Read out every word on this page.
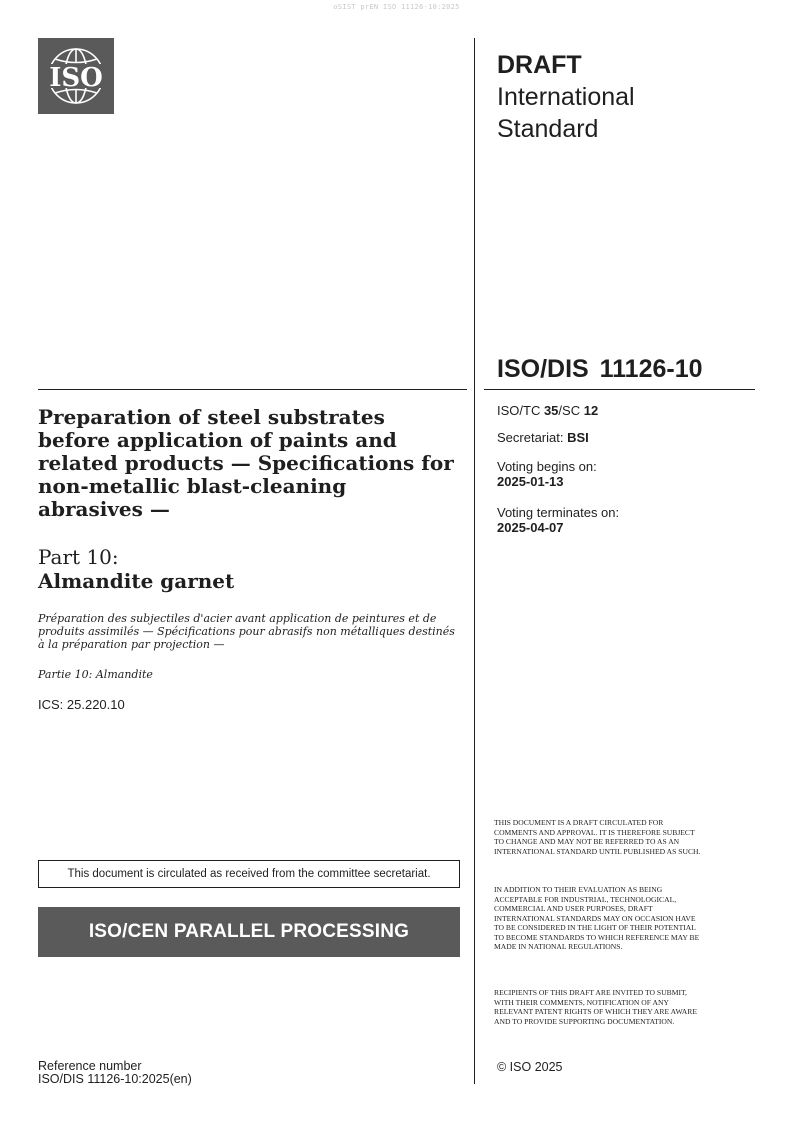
oSIST prEN ISO 11126-10:2025
ISO	DRAFT
International
Standard
ISO/DIS 11126-10
Preparation of steel substrates before application of paints and related products — Specifications for non-metallic blast-cleaning abrasives —
Part 10:
Almandite garnet
Préparation des subjectiles d'acier avant application de peintures et de produits assimilés — Spécifications pour abrasifs non métalliques destinés à la préparation par projection —
Partie 10: Almandite
ICS: 25.220.10
ISO/TC 35/SC 12
Secretariat: BSI
Voting begins on:
2025-01-13
Voting terminates on:
2025-04-07
This document is circulated as received from the committee secretariat.
ISO/CEN PARALLEL PROCESSING

THIS DOCUMENT IS A DRAFT CIRCULATED FOR COMMENTS AND APPROVAL. IT IS THEREFORE SUBJECT TO CHANGE AND MAY NOT BE REFERRED TO AS AN INTERNATIONAL STANDARD UNTIL PUBLISHED AS SUCH.

IN ADDITION TO THEIR EVALUATION AS BEING ACCEPTABLE FOR INDUSTRIAL, TECHNOLOGICAL, COMMERCIAL AND USER PURPOSES, DRAFT INTERNATIONAL STANDARDS MAY ON OCCASION HAVE TO BE CONSIDERED IN THE LIGHT OF THEIR POTENTIAL TO BECOME STANDARDS TO WHICH REFERENCE MAY BE MADE IN NATIONAL REGULATIONS.

RECIPIENTS OF THIS DRAFT ARE INVITED TO SUBMIT, WITH THEIR COMMENTS, NOTIFICATION OF ANY RELEVANT PATENT RIGHTS OF WHICH THEY ARE AWARE AND TO PROVIDE SUPPORTING DOCUMENTATION.

© ISO 2025
Reference number
ISO/DIS 11126-10:2025(en)
